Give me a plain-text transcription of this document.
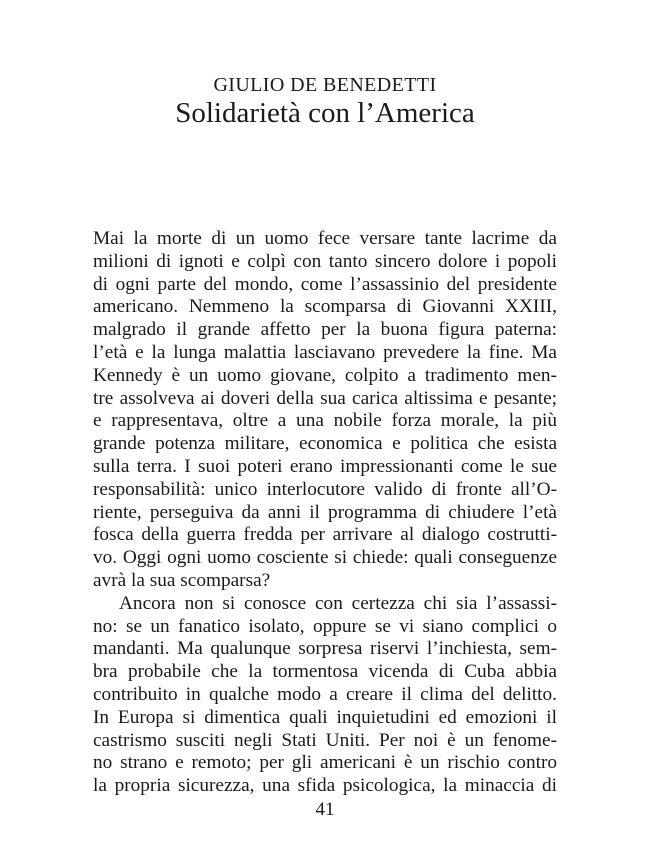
GIULIO DE BENEDETTI
Solidarietà con l’America
Mai la morte di un uomo fece versare tante lacrime da
milioni di ignoti e colpì con tanto sincero dolore i popoli
di ogni parte del mondo, come l’assassinio del presidente
americano. Nemmeno la scomparsa di Giovanni XXIII,
malgrado il grande affetto per la buona figura paterna:
l’età e la lunga malattia lasciavano prevedere la fine. Ma
Kennedy è un uomo giovane, colpito a tradimento men-
tre assolveva ai doveri della sua carica altissima e pesante;
e rappresentava, oltre a una nobile forza morale, la più
grande potenza militare, economica e politica che esista
sulla terra. I suoi poteri erano impressionanti come le sue
responsabilità: unico interlocutore valido di fronte all’O-
riente, perseguiva da anni il programma di chiudere l’età
fosca della guerra fredda per arrivare al dialogo costrutti-
vo. Oggi ogni uomo cosciente si chiede: quali conseguenze
avrà la sua scomparsa?
Ancora non si conosce con certezza chi sia l’assassi-
no: se un fanatico isolato, oppure se vi siano complici o
mandanti. Ma qualunque sorpresa riservi l’inchiesta, sem-
bra probabile che la tormentosa vicenda di Cuba abbia
contribuito in qualche modo a creare il clima del delitto.
In Europa si dimentica quali inquietudini ed emozioni il
castrismo susciti negli Stati Uniti. Per noi è un fenome-
no strano e remoto; per gli americani è un rischio contro
la propria sicurezza, una sfida psicologica, la minaccia di
41
